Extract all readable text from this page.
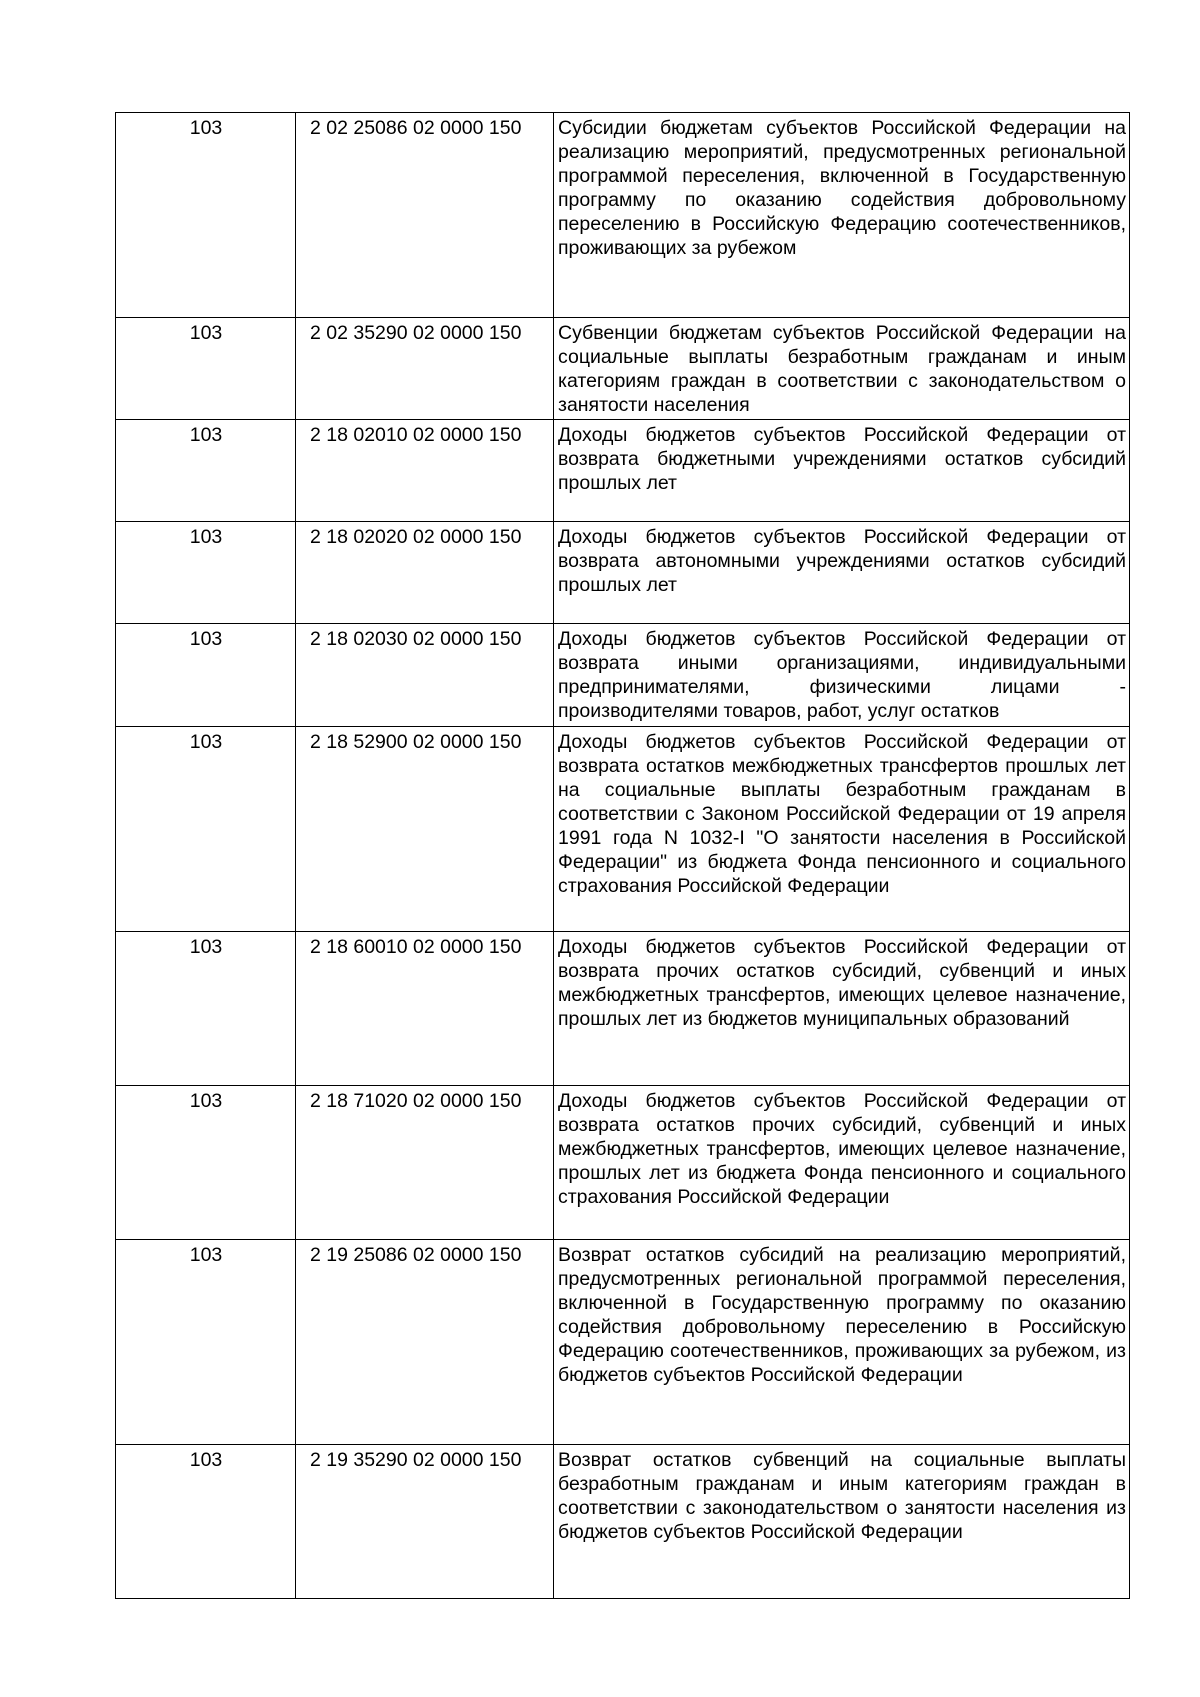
103	2 02 25086 02 0000 150	Субсидии бюджетам субъектов Российской Федерации на реализацию мероприятий, предусмотренных региональной программой переселения, включенной в Государственную программу по оказанию содействия добровольному переселению в Российскую Федерацию соотечественников, проживающих за рубежом
103	2 02 35290 02 0000 150	Субвенции бюджетам субъектов Российской Федерации на социальные выплаты безработным гражданам и иным категориям граждан в соответствии с законодательством о занятости населения
103	2 18 02010 02 0000 150	Доходы бюджетов субъектов Российской Федерации от возврата бюджетными учреждениями остатков субсидий прошлых лет
103	2 18 02020 02 0000 150	Доходы бюджетов субъектов Российской Федерации от возврата автономными учреждениями остатков субсидий прошлых лет
103	2 18 02030 02 0000 150	Доходы бюджетов субъектов Российской Федерации от возврата иными организациями, индивидуальными предпринимателями, физическими лицами - производителями товаров, работ, услуг остатков

103	2 18 52900 02 0000 150	Доходы бюджетов субъектов Российской Федерации от возврата остатков межбюджетных трансфертов прошлых лет на социальные выплаты безработным гражданам в соответствии с Законом Российской Федерации от 19 апреля 1991 года N 1032-I "О занятости населения в Российской Федерации" из бюджета Фонда пенсионного и социального страхования Российской Федерации
103	2 18 60010 02 0000 150	Доходы бюджетов субъектов Российской Федерации от возврата прочих остатков субсидий, субвенций и иных межбюджетных трансфертов, имеющих целевое назначение, прошлых лет из бюджетов муниципальных образований
103	2 18 71020 02 0000 150	Доходы бюджетов субъектов Российской Федерации от возврата остатков прочих субсидий, субвенций и иных межбюджетных трансфертов, имеющих целевое назначение, прошлых лет из бюджета Фонда пенсионного и социального страхования Российской Федерации
103	2 19 25086 02 0000 150	Возврат остатков субсидий на реализацию мероприятий, предусмотренных региональной программой переселения, включенной в Государственную программу по оказанию содействия добровольному переселению в Российскую Федерацию соотечественников, проживающих за рубежом, из бюджетов субъектов Российской Федерации
103	2 19 35290 02 0000 150	Возврат остатков субвенций на социальные выплаты безработным гражданам и иным категориям граждан в соответствии с законодательством о занятости населения из бюджетов субъектов Российской Федерации
